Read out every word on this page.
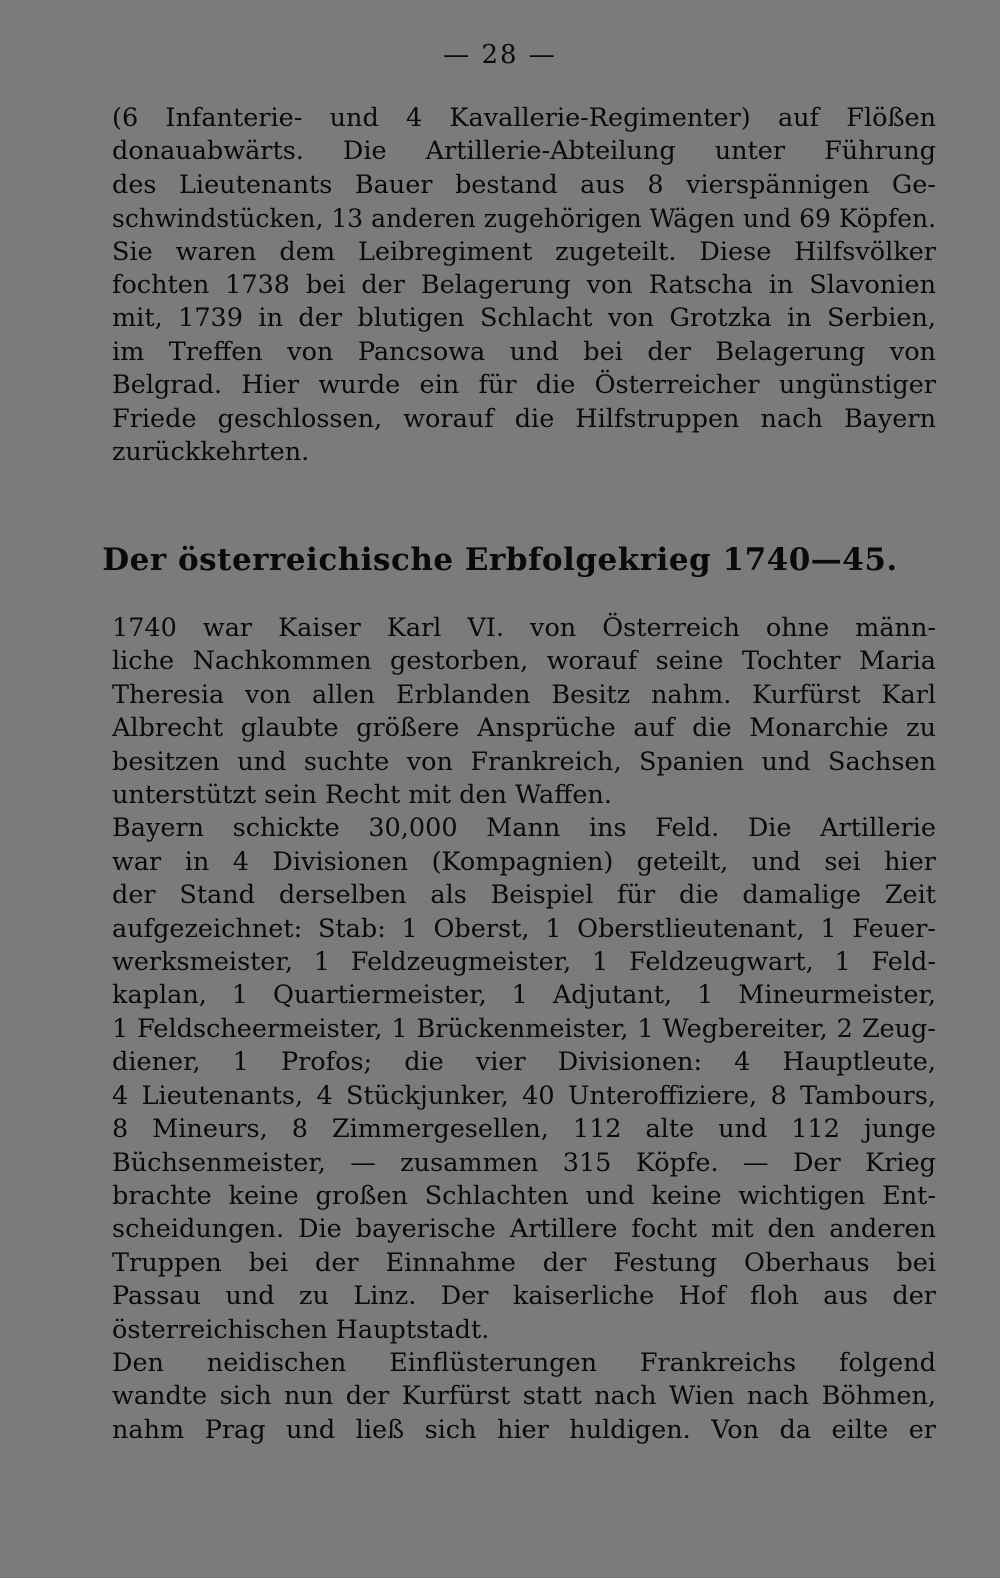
— 28 —
(6 Infanterie- und 4 Kavallerie-Regimenter) auf Flößen
donauabwärts. Die Artillerie-Abteilung unter Führung
des Lieutenants Bauer bestand aus 8 vierspännigen Ge-
schwindstücken, 13 anderen zugehörigen Wägen und 69 Köpfen.
Sie waren dem Leibregiment zugeteilt. Diese Hilfsvölker
fochten 1738 bei der Belagerung von Ratscha in Slavonien
mit, 1739 in der blutigen Schlacht von Grotzka in Serbien,
im Treffen von Pancsowa und bei der Belagerung von
Belgrad. Hier wurde ein für die Österreicher ungünstiger
Friede geschlossen, worauf die Hilfstruppen nach Bayern
zurückkehrten.
Der österreichische Erbfolgekrieg 1740—45.
1740 war Kaiser Karl VI. von Österreich ohne männ-
liche Nachkommen gestorben, worauf seine Tochter Maria
Theresia von allen Erblanden Besitz nahm. Kurfürst Karl
Albrecht glaubte größere Ansprüche auf die Monarchie zu
besitzen und suchte von Frankreich, Spanien und Sachsen
unterstützt sein Recht mit den Waffen.
Bayern schickte 30,000 Mann ins Feld. Die Artillerie
war in 4 Divisionen (Kompagnien) geteilt, und sei hier
der Stand derselben als Beispiel für die damalige Zeit
aufgezeichnet: Stab: 1 Oberst, 1 Oberstlieutenant, 1 Feuer-
werksmeister, 1 Feldzeugmeister, 1 Feldzeugwart, 1 Feld-
kaplan, 1 Quartiermeister, 1 Adjutant, 1 Mineurmeister,
1 Feldscheermeister, 1 Brückenmeister, 1 Wegbereiter, 2 Zeug-
diener, 1 Profos; die vier Divisionen: 4 Hauptleute,
4 Lieutenants, 4 Stückjunker, 40 Unteroffiziere, 8 Tambours,
8 Mineurs, 8 Zimmergesellen, 112 alte und 112 junge
Büchsenmeister, — zusammen 315 Köpfe. — Der Krieg
brachte keine großen Schlachten und keine wichtigen Ent-
scheidungen. Die bayerische Artillere focht mit den anderen
Truppen bei der Einnahme der Festung Oberhaus bei
Passau und zu Linz. Der kaiserliche Hof floh aus der
österreichischen Hauptstadt.
Den neidischen Einflüsterungen Frankreichs folgend
wandte sich nun der Kurfürst statt nach Wien nach Böhmen,
nahm Prag und ließ sich hier huldigen. Von da eilte er
